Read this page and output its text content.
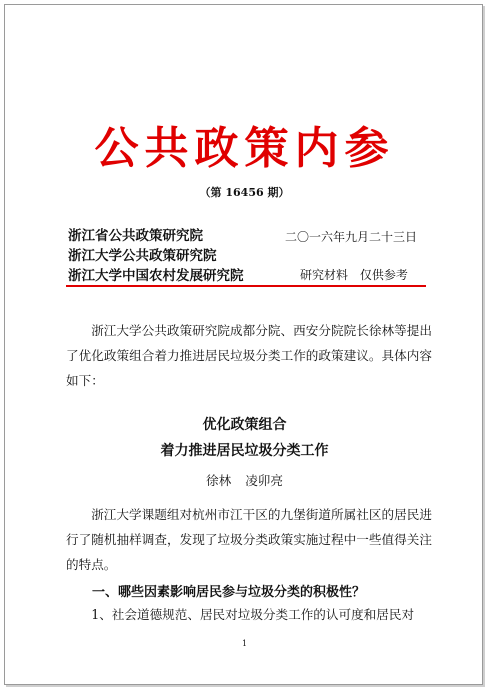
公共政策内参
（第 16456 期）
浙江省公共政策研究院
浙江大学公共政策研究院
浙江大学中国农村发展研究院
二〇一六年九月二十三日
研究材料 仅供参考
浙江大学公共政策研究院成都分院、西安分院院长徐林等提出了优化政策组合着力推进居民垃圾分类工作的政策建议。具体内容如下：
优化政策组合
着力推进居民垃圾分类工作
徐林 凌卯亮
浙江大学课题组对杭州市江干区的九堡街道所属社区的居民进行了随机抽样调查，发现了垃圾分类政策实施过程中一些值得关注的特点。
一、哪些因素影响居民参与垃圾分类的积极性？
1、社会道德规范、居民对垃圾分类工作的认可度和居民对
1
